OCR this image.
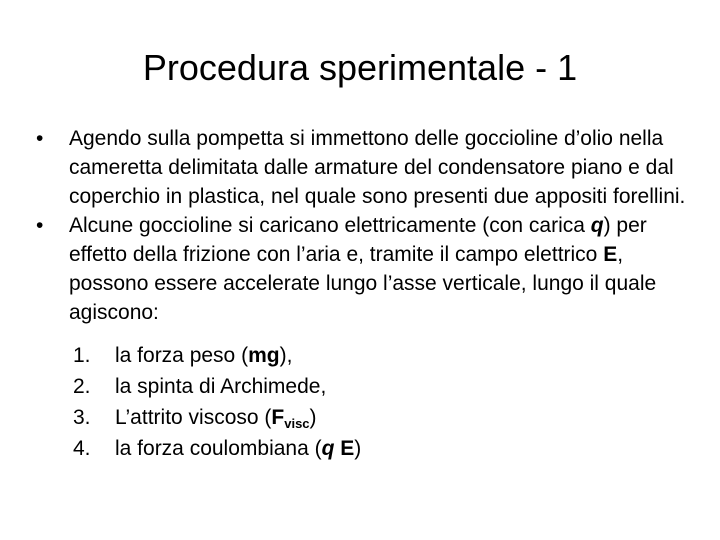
Procedura sperimentale - 1
•	Agendo sulla pompetta si immettono delle goccioline d’olio nella cameretta delimitata dalle armature del condensatore piano e dal coperchio in plastica, nel quale sono presenti due appositi forellini.
•	Alcune goccioline si caricano elettricamente (con carica q) per effetto della frizione con l’aria e, tramite il campo elettrico E, possono essere accelerate lungo l’asse verticale, lungo il quale agiscono:
1. la forza peso (mg),
2. la spinta di Archimede,
3. L’attrito viscoso $(F_{visc})$
4. la forza coulombiana (q E)
